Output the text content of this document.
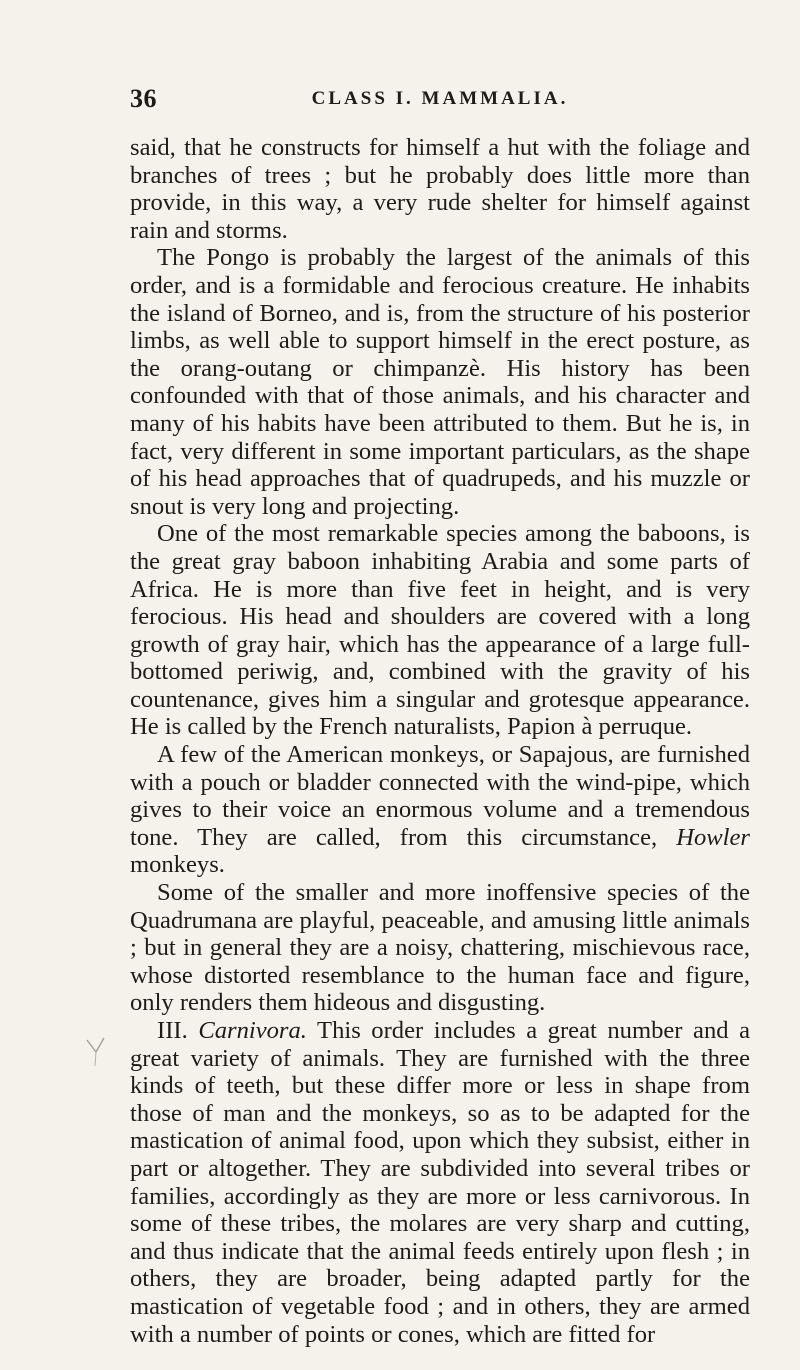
36	CLASS I. MAMMALIA.

said, that he constructs for himself a hut with the foliage and branches of trees ; but he probably does little more than provide, in this way, a very rude shelter for himself against rain and storms.

The Pongo is probably the largest of the animals of this order, and is a formidable and ferocious creature. He inhabits the island of Borneo, and is, from the structure of his posterior limbs, as well able to support himself in the erect posture, as the orang-outang or chimpanzè. His history has been confounded with that of those animals, and his character and many of his habits have been attributed to them. But he is, in fact, very different in some important particulars, as the shape of his head approaches that of quadrupeds, and his muzzle or snout is very long and projecting.

One of the most remarkable species among the baboons, is the great gray baboon inhabiting Arabia and some parts of Africa. He is more than five feet in height, and is very ferocious. His head and shoulders are covered with a long growth of gray hair, which has the appearance of a large full-bottomed periwig, and, combined with the gravity of his countenance, gives him a singular and grotesque appearance. He is called by the French naturalists, Papion à perruque.

A few of the American monkeys, or Sapajous, are furnished with a pouch or bladder connected with the wind-pipe, which gives to their voice an enormous volume and a tremendous tone. They are called, from this circumstance, Howler monkeys.

Some of the smaller and more inoffensive species of the Quadrumana are playful, peaceable, and amusing little animals ; but in general they are a noisy, chattering, mischievous race, whose distorted resemblance to the human face and figure, only renders them hideous and disgusting.

III. Carnivora. This order includes a great number and a great variety of animals. They are furnished with the three kinds of teeth, but these differ more or less in shape from those of man and the monkeys, so as to be adapted for the mastication of animal food, upon which they subsist, either in part or altogether. They are subdivided into several tribes or families, accordingly as they are more or less carnivorous. In some of these tribes, the molares are very sharp and cutting, and thus indicate that the animal feeds entirely upon flesh ; in others, they are broader, being adapted partly for the mastication of vegetable food ; and in others, they are armed with a number of points or cones, which are fitted for
